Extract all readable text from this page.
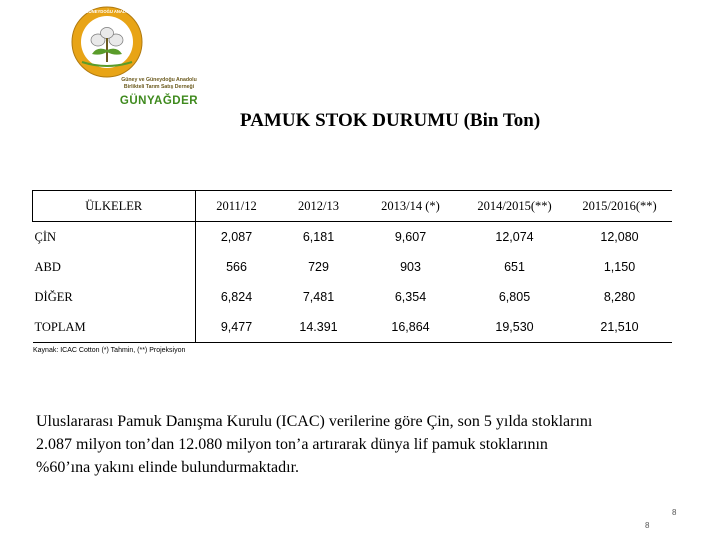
GÜNEY VE GÜNEYDOĞU ANADOLU BİRLİĞİ
Güney ve Güneydoğu Anadolu
Birlikteli Tarım Satış Derneği
GÜNYAĞDER
PAMUK STOK DURUMU (Bin Ton)
ÜLKELER	2011/12	2012/13	2013/14 (*)	2014/2015(**)	2015/2016(**)
ÇİN	2,087	6,181	9,607	12,074	12,080
ABD	566	729	903	651	1,150
DİĞER	6,824	7,481	6,354	6,805	8,280
TOPLAM	9,477	14.391	16,864	19,530	21,510
Kaynak: ICAC Cotton (*) Tahmin, (**) Projeksiyon
Uluslararası Pamuk Danışma Kurulu (ICAC) verilerine göre Çin, son 5 yılda stoklarını
2.087 milyon ton’dan 12.080 milyon ton’a artırarak dünya lif pamuk stoklarının
%60’ına yakını elinde bulundurmaktadır.
8
8
